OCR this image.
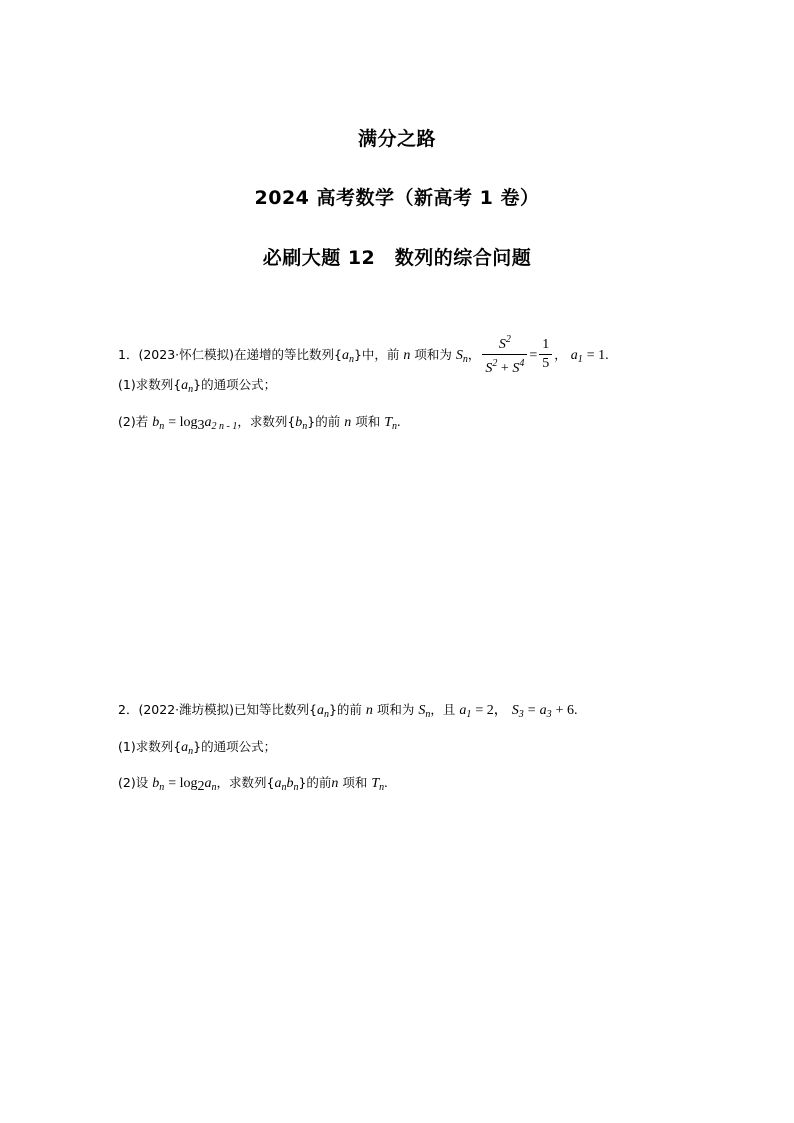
满分之路
2024 高考数学（新高考 1 卷）
必刷大题 12　数列的综合问题
1．(2023·怀仁模拟)在递增的等比数列$\{a_n\}$中，前 n 项和为 $S_n$， $\frac{S^2}{S^2 + S^4} = \frac{1}{5}$ ， $a_1 = 1$.
(1)求数列$\{a_n\}$的通项公式；
(2)若 $b_n = \log_3a_{2 n - 1}$，求数列$\{b_n\}$的前 n 项和 $T_n$.
2．(2022·潍坊模拟)已知等比数列$\{a_n\}$的前 n 项和为 $S_n$，且 $a_1 = 2$， $S_3 = a_3 + 6$.
(1)求数列$\{a_n\}$的通项公式；
(2)设 $b_n = \log_2a_n$，求数列$\{a_nb_n\}$的前n 项和 $T_n$.
